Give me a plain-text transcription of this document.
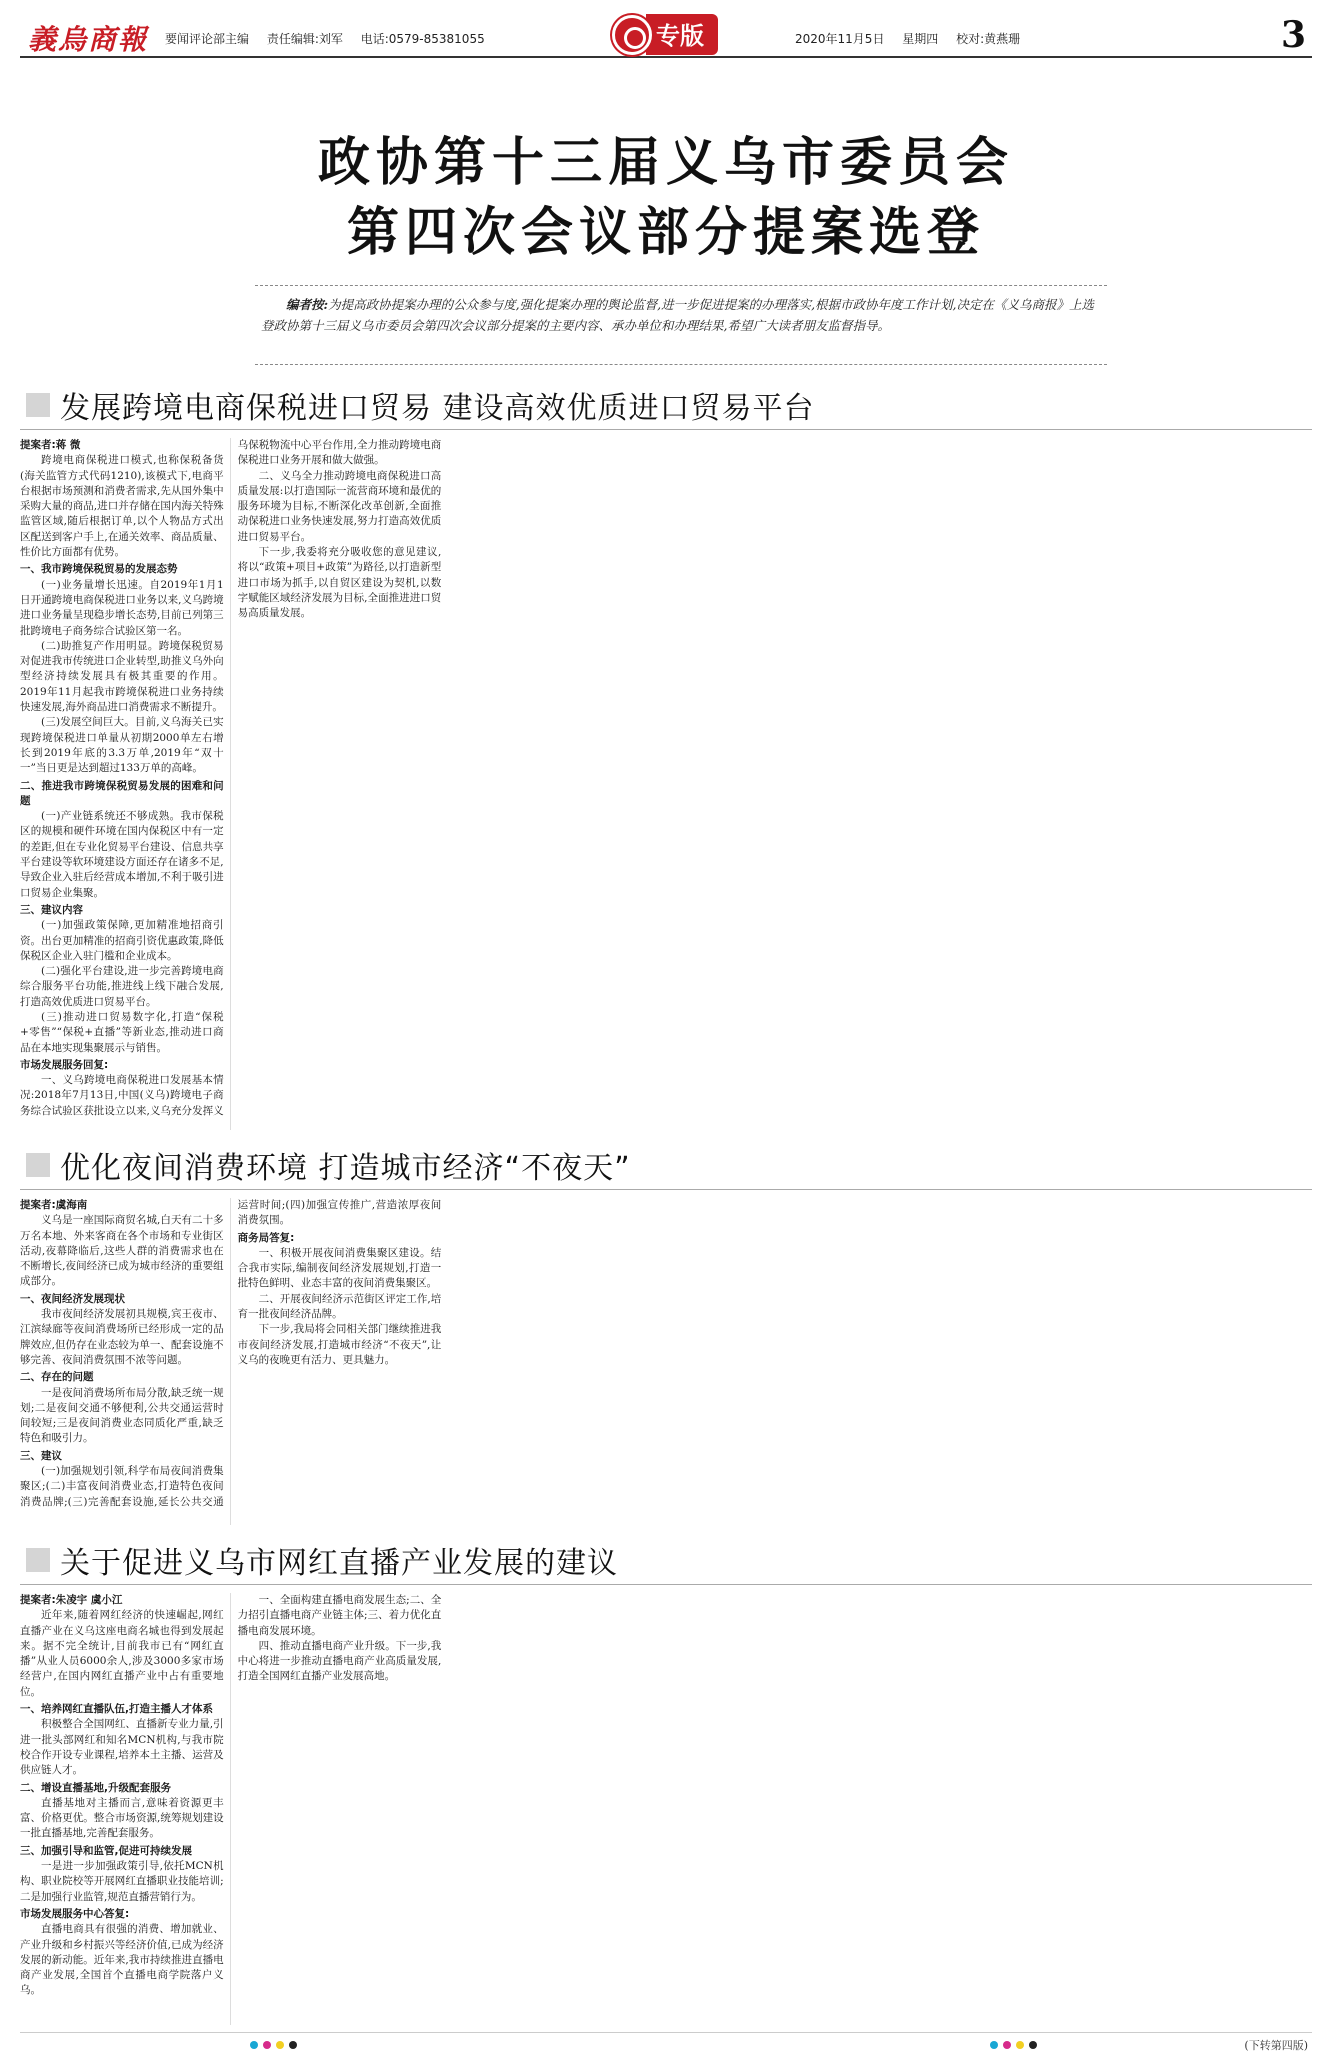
義烏商報 要闻评论部主编 责任编辑:刘军 电话:0579-85381055	专版	2020年11月5日 星期四 校对:黄燕珊	3
政协第十三届义乌市委员会
第四次会议部分提案选登

编者按:为提高政协提案办理的公众参与度,强化提案办理的舆论监督,进一步促进提案的办理落实,根据市政协年度工作计划,决定在《义乌商报》上选登政协第十三届义乌市委员会第四次会议部分提案的主要内容、承办单位和办理结果,希望广大读者朋友监督指导。

发展跨境电商保税进口贸易 建设高效优质进口贸易平台

提案者:蒋 微

跨境电商保税进口模式,也称保税备货(海关监管方式代码1210),该模式下,电商平台根据市场预测和消费者需求,先从国外集中采购大量的商品,进口并存储在国内海关特殊监管区域,随后根据订单,以个人物品方式出区配送到客户手上,在通关效率、商品质量、性价比方面都有优势。

一、我市跨境保税贸易的发展态势

(一)业务量增长迅速。自2019年1月1日开通跨境电商保税进口业务以来,义乌跨境进口业务量呈现稳步增长态势,目前已列第三批跨境电子商务综合试验区第一名。

(二)助推复产作用明显。跨境保税贸易对促进我市传统进口企业转型,助推义乌外向型经济持续发展具有极其重要的作用。2019年11月起我市跨境保税进口业务持续快速发展,海外商品进口消费需求不断提升。

(三)发展空间巨大。目前,义乌海关已实现跨境保税进口单量从初期2000单左右增长到2019年底的3.3万单,2019年“双十一”当日更是达到超过133万单的高峰。

二、推进我市跨境保税贸易发展的困难和问题

(一)产业链系统还不够成熟。我市保税区的规模和硬件环境在国内保税区中有一定的差距,但在专业化贸易平台建设、信息共享平台建设等软环境建设方面还存在诸多不足,导致企业入驻后经营成本增加,不利于吸引进口贸易企业集聚。

三、建议内容

(一)加强政策保障,更加精准地招商引资。出台更加精准的招商引资优惠政策,降低保税区企业入驻门槛和企业成本。

(二)强化平台建设,进一步完善跨境电商综合服务平台功能,推进线上线下融合发展,打造高效优质进口贸易平台。

(三)推动进口贸易数字化,打造“保税+零售”“保税+直播”等新业态,推动进口商品在本地实现集聚展示与销售。

市场发展服务回复:

一、义乌跨境电商保税进口发展基本情况:2018年7月13日,中国(义乌)跨境电子商务综合试验区获批设立以来,义乌充分发挥义乌保税物流中心平台作用,全力推动跨境电商保税进口业务开展和做大做强。

二、义乌全力推动跨境电商保税进口高质量发展:以打造国际一流营商环境和最优的服务环境为目标,不断深化改革创新,全面推动保税进口业务快速发展,努力打造高效优质进口贸易平台。

下一步,我委将充分吸收您的意见建议,将以“政策+项目+政策”为路径,以打造新型进口市场为抓手,以自贸区建设为契机,以数字赋能区域经济发展为目标,全面推进进口贸易高质量发展。

优化夜间消费环境 打造城市经济“不夜天”

提案者:虞海南

义乌是一座国际商贸名城,白天有二十多万名本地、外来客商在各个市场和专业街区活动,夜幕降临后,这些人群的消费需求也在不断增长,夜间经济已成为城市经济的重要组成部分。

一、夜间经济发展现状

我市夜间经济发展初具规模,宾王夜市、江滨绿廊等夜间消费场所已经形成一定的品牌效应,但仍存在业态较为单一、配套设施不够完善、夜间消费氛围不浓等问题。

二、存在的问题

一是夜间消费场所布局分散,缺乏统一规划;二是夜间交通不够便利,公共交通运营时间较短;三是夜间消费业态同质化严重,缺乏特色和吸引力。

三、建议

(一)加强规划引领,科学布局夜间消费集聚区;(二)丰富夜间消费业态,打造特色夜间消费品牌;(三)完善配套设施,延长公共交通运营时间;(四)加强宣传推广,营造浓厚夜间消费氛围。

商务局答复:

一、积极开展夜间消费集聚区建设。结合我市实际,编制夜间经济发展规划,打造一批特色鲜明、业态丰富的夜间消费集聚区。

二、开展夜间经济示范街区评定工作,培育一批夜间经济品牌。

下一步,我局将会同相关部门继续推进我市夜间经济发展,打造城市经济“不夜天”,让义乌的夜晚更有活力、更具魅力。

关于促进义乌市网红直播产业发展的建议

提案者:朱凌宇 虞小江

近年来,随着网红经济的快速崛起,网红直播产业在义乌这座电商名城也得到发展起来。据不完全统计,目前我市已有“网红直播”从业人员6000余人,涉及3000多家市场经营户,在国内网红直播产业中占有重要地位。

一、培养网红直播队伍,打造主播人才体系

积极整合全国网红、直播新专业力量,引进一批头部网红和知名MCN机构,与我市院校合作开设专业课程,培养本土主播、运营及供应链人才。

二、增设直播基地,升级配套服务

直播基地对主播而言,意味着资源更丰富、价格更优。整合市场资源,统筹规划建设一批直播基地,完善配套服务。

三、加强引导和监管,促进可持续发展

一是进一步加强政策引导,依托MCN机构、职业院校等开展网红直播职业技能培训;二是加强行业监管,规范直播营销行为。

市场发展服务中心答复:

直播电商具有很强的消费、增加就业、产业升级和乡村振兴等经济价值,已成为经济发展的新动能。近年来,我市持续推进直播电商产业发展,全国首个直播电商学院落户义乌。

一、全面构建直播电商发展生态;二、全力招引直播电商产业链主体;三、着力优化直播电商发展环境。

四、推动直播电商产业升级。下一步,我中心将进一步推动直播电商产业高质量发展,打造全国网红直播产业发展高地。

(下转第四版)
